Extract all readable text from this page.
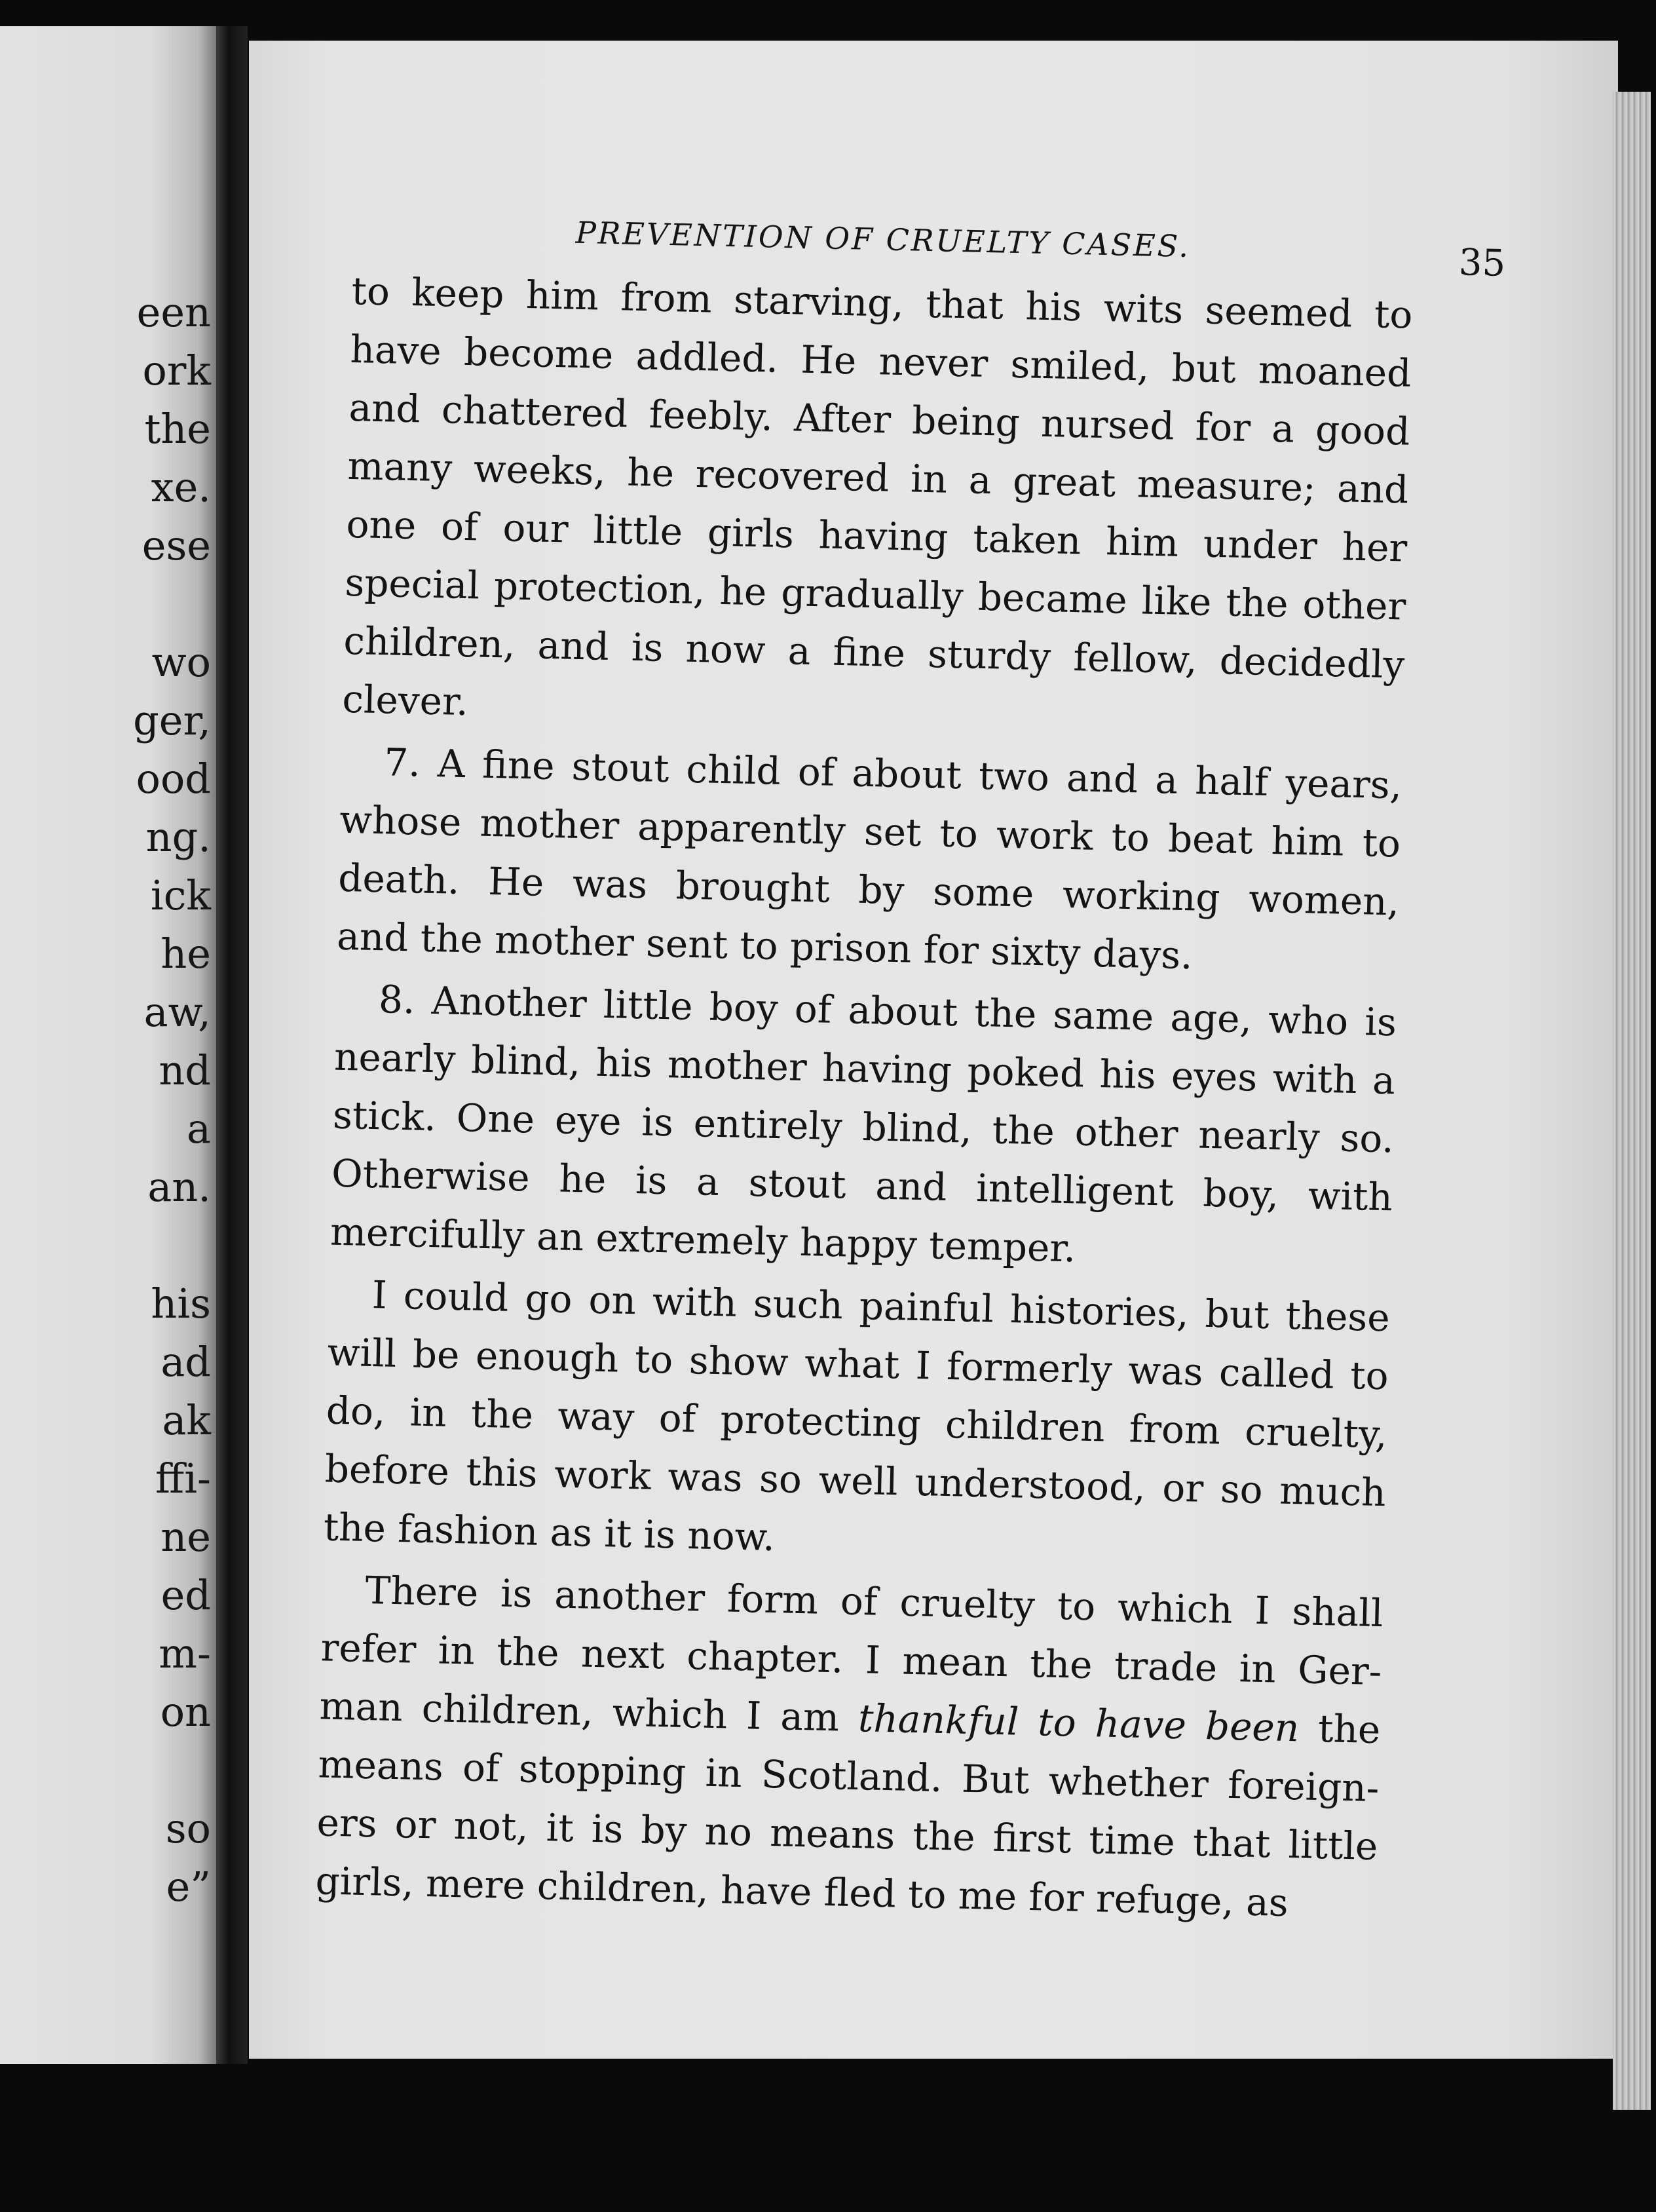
een
ork
the
xe.
ese
wo
ger,
ood
ng.
ick
he
aw,
nd
a
an.
his
ad
ak
ffi-
ne
ed
m-
on
so
e”
PREVENTION OF CRUELTY CASES.	35
to keep him from starving, that his wits seemed to
have become addled. He never smiled, but moaned
and chattered feebly. After being nursed for a good
many weeks, he recovered in a great measure; and
one of our little girls having taken him under her
special protection, he gradually became like the other
children, and is now a fine sturdy fellow, decidedly
clever.
7. A fine stout child of about two and a half years,
whose mother apparently set to work to beat him to
death. He was brought by some working women,
and the mother sent to prison for sixty days.
8. Another little boy of about the same age, who is
nearly blind, his mother having poked his eyes with a
stick. One eye is entirely blind, the other nearly so.
Otherwise he is a stout and intelligent boy, with
mercifully an extremely happy temper.
I could go on with such painful histories, but these
will be enough to show what I formerly was called to
do, in the way of protecting children from cruelty,
before this work was so well understood, or so much
the fashion as it is now.
There is another form of cruelty to which I shall
refer in the next chapter. I mean the trade in Ger-
man children, which I am thankful to have been the
means of stopping in Scotland. But whether foreign-
ers or not, it is by no means the first time that little
girls, mere children, have fled to me for refuge, as
